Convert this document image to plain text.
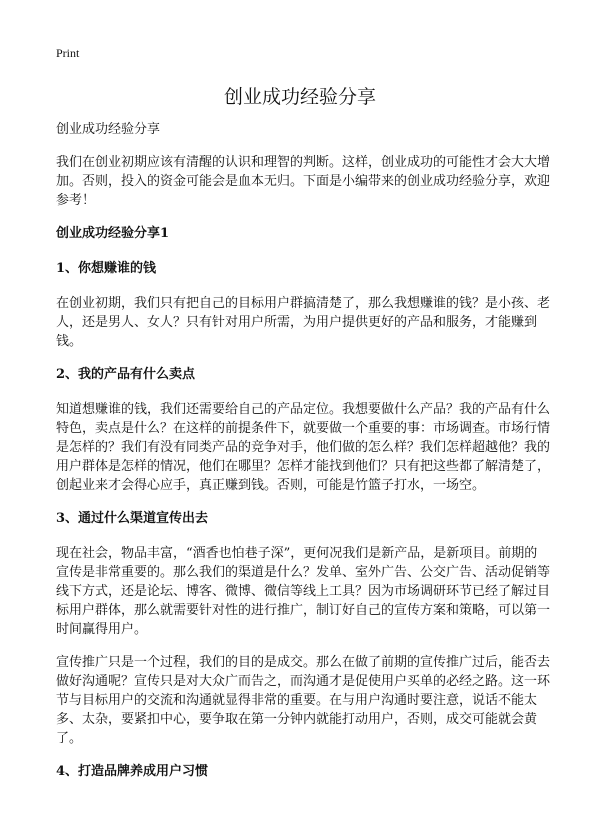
Print
创业成功经验分享

创业成功经验分享

我们在创业初期应该有清醒的认识和理智的判断。这样，创业成功的可能性才会大大增加。否则，投入的资金可能会是血本无归。下面是小编带来的创业成功经验分享，欢迎参考！

创业成功经验分享1

1、你想赚谁的钱

在创业初期，我们只有把自己的目标用户群搞清楚了，那么我想赚谁的钱？是小孩、老人，还是男人、女人？只有针对用户所需，为用户提供更好的产品和服务，才能赚到钱。

2、我的产品有什么卖点

知道想赚谁的钱，我们还需要给自己的产品定位。我想要做什么产品？我的产品有什么特色，卖点是什么？在这样的前提条件下，就要做一个重要的事：市场调查。市场行情是怎样的？我们有没有同类产品的竞争对手，他们做的怎么样？我们怎样超越他？我的用户群体是怎样的情况，他们在哪里？怎样才能找到他们？只有把这些都了解清楚了，创起业来才会得心应手，真正赚到钱。否则，可能是竹篮子打水，一场空。

3、通过什么渠道宣传出去

现在社会，物品丰富，“酒香也怕巷子深”，更何况我们是新产品，是新项目。前期的宣传是非常重要的。那么我们的渠道是什么？发单、室外广告、公交广告、活动促销等线下方式，还是论坛、博客、微博、微信等线上工具？因为市场调研环节已经了解过目标用户群体，那么就需要针对性的进行推广，制订好自己的宣传方案和策略，可以第一时间赢得用户。

宣传推广只是一个过程，我们的目的是成交。那么在做了前期的宣传推广过后，能否去做好沟通呢？宣传只是对大众广而告之，而沟通才是促使用户买单的必经之路。这一环节与目标用户的交流和沟通就显得非常的重要。在与用户沟通时要注意，说话不能太多、太杂，要紧扣中心，要争取在第一分钟内就能打动用户，否则，成交可能就会黄了。

4、打造品牌养成用户习惯
